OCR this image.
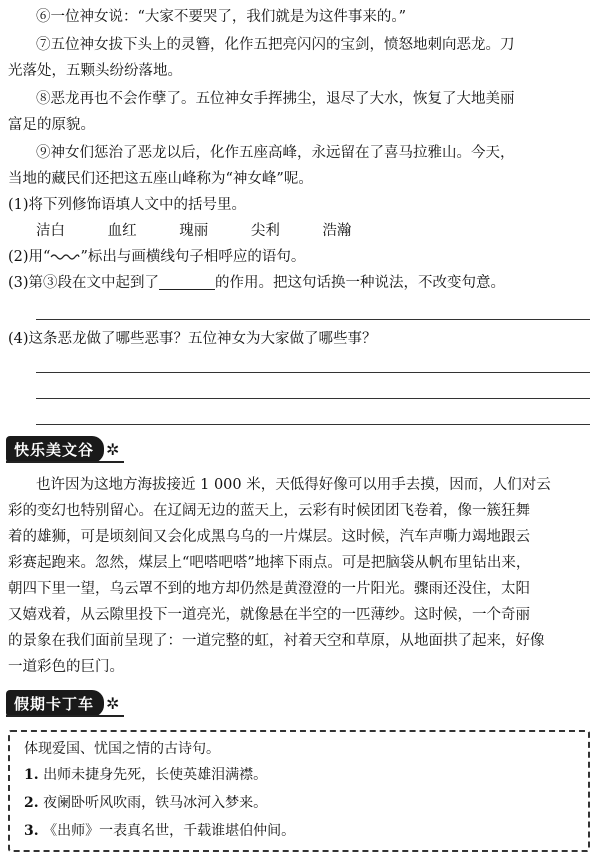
⑥一位神女说：“大家不要哭了，我们就是为这件事来的。”
⑦五位神女拔下头上的灵簪，化作五把亮闪闪的宝剑，愤怒地刺向恶龙。刀
光落处，五颗头纷纷落地。
⑧恶龙再也不会作孽了。五位神女手挥拂尘，退尽了大水，恢复了大地美丽
富足的原貌。
⑨神女们惩治了恶龙以后，化作五座高峰，永远留在了喜马拉雅山。今天，
当地的藏民们还把这五座山峰称为“神女峰”呢。
(1)将下列修饰语填人文中的括号里。
洁白	血红	瑰丽	尖利	浩瀚
(2)用“ ”标出与画横线句子相呼应的语句。
(3)第③段在文中起到了	的作用。把这句话换一种说法，不改变句意。
(4)这条恶龙做了哪些恶事？五位神女为大家做了哪些事？
快乐美文谷 ✲
也许因为这地方海拔接近 1 000 米，天低得好像可以用手去摸，因而，人们对云
彩的变幻也特别留心。在辽阔无边的蓝天上，云彩有时候团团飞卷着，像一簇狂舞
着的雄狮，可是顷刻间又会化成黑乌乌的一片煤层。这时候，汽车声嘶力竭地跟云
彩赛起跑来。忽然，煤层上“吧嗒吧嗒”地摔下雨点。可是把脑袋从帆布里钻出来，
朝四下里一望，乌云罩不到的地方却仍然是黄澄澄的一片阳光。骤雨还没住，太阳
又嬉戏着，从云隙里投下一道亮光，就像悬在半空的一匹薄纱。这时候，一个奇丽
的景象在我们面前呈现了：一道完整的虹，衬着天空和草原，从地面拱了起来，好像
一道彩色的巨门。
假期卡丁车 ✲
体现爱国、忧国之情的古诗句。
1. 出师未捷身先死，长使英雄泪满襟。
2. 夜阑卧听风吹雨，铁马冰河入梦来。
3. 《出师》一表真名世，千载谁堪伯仲间。
